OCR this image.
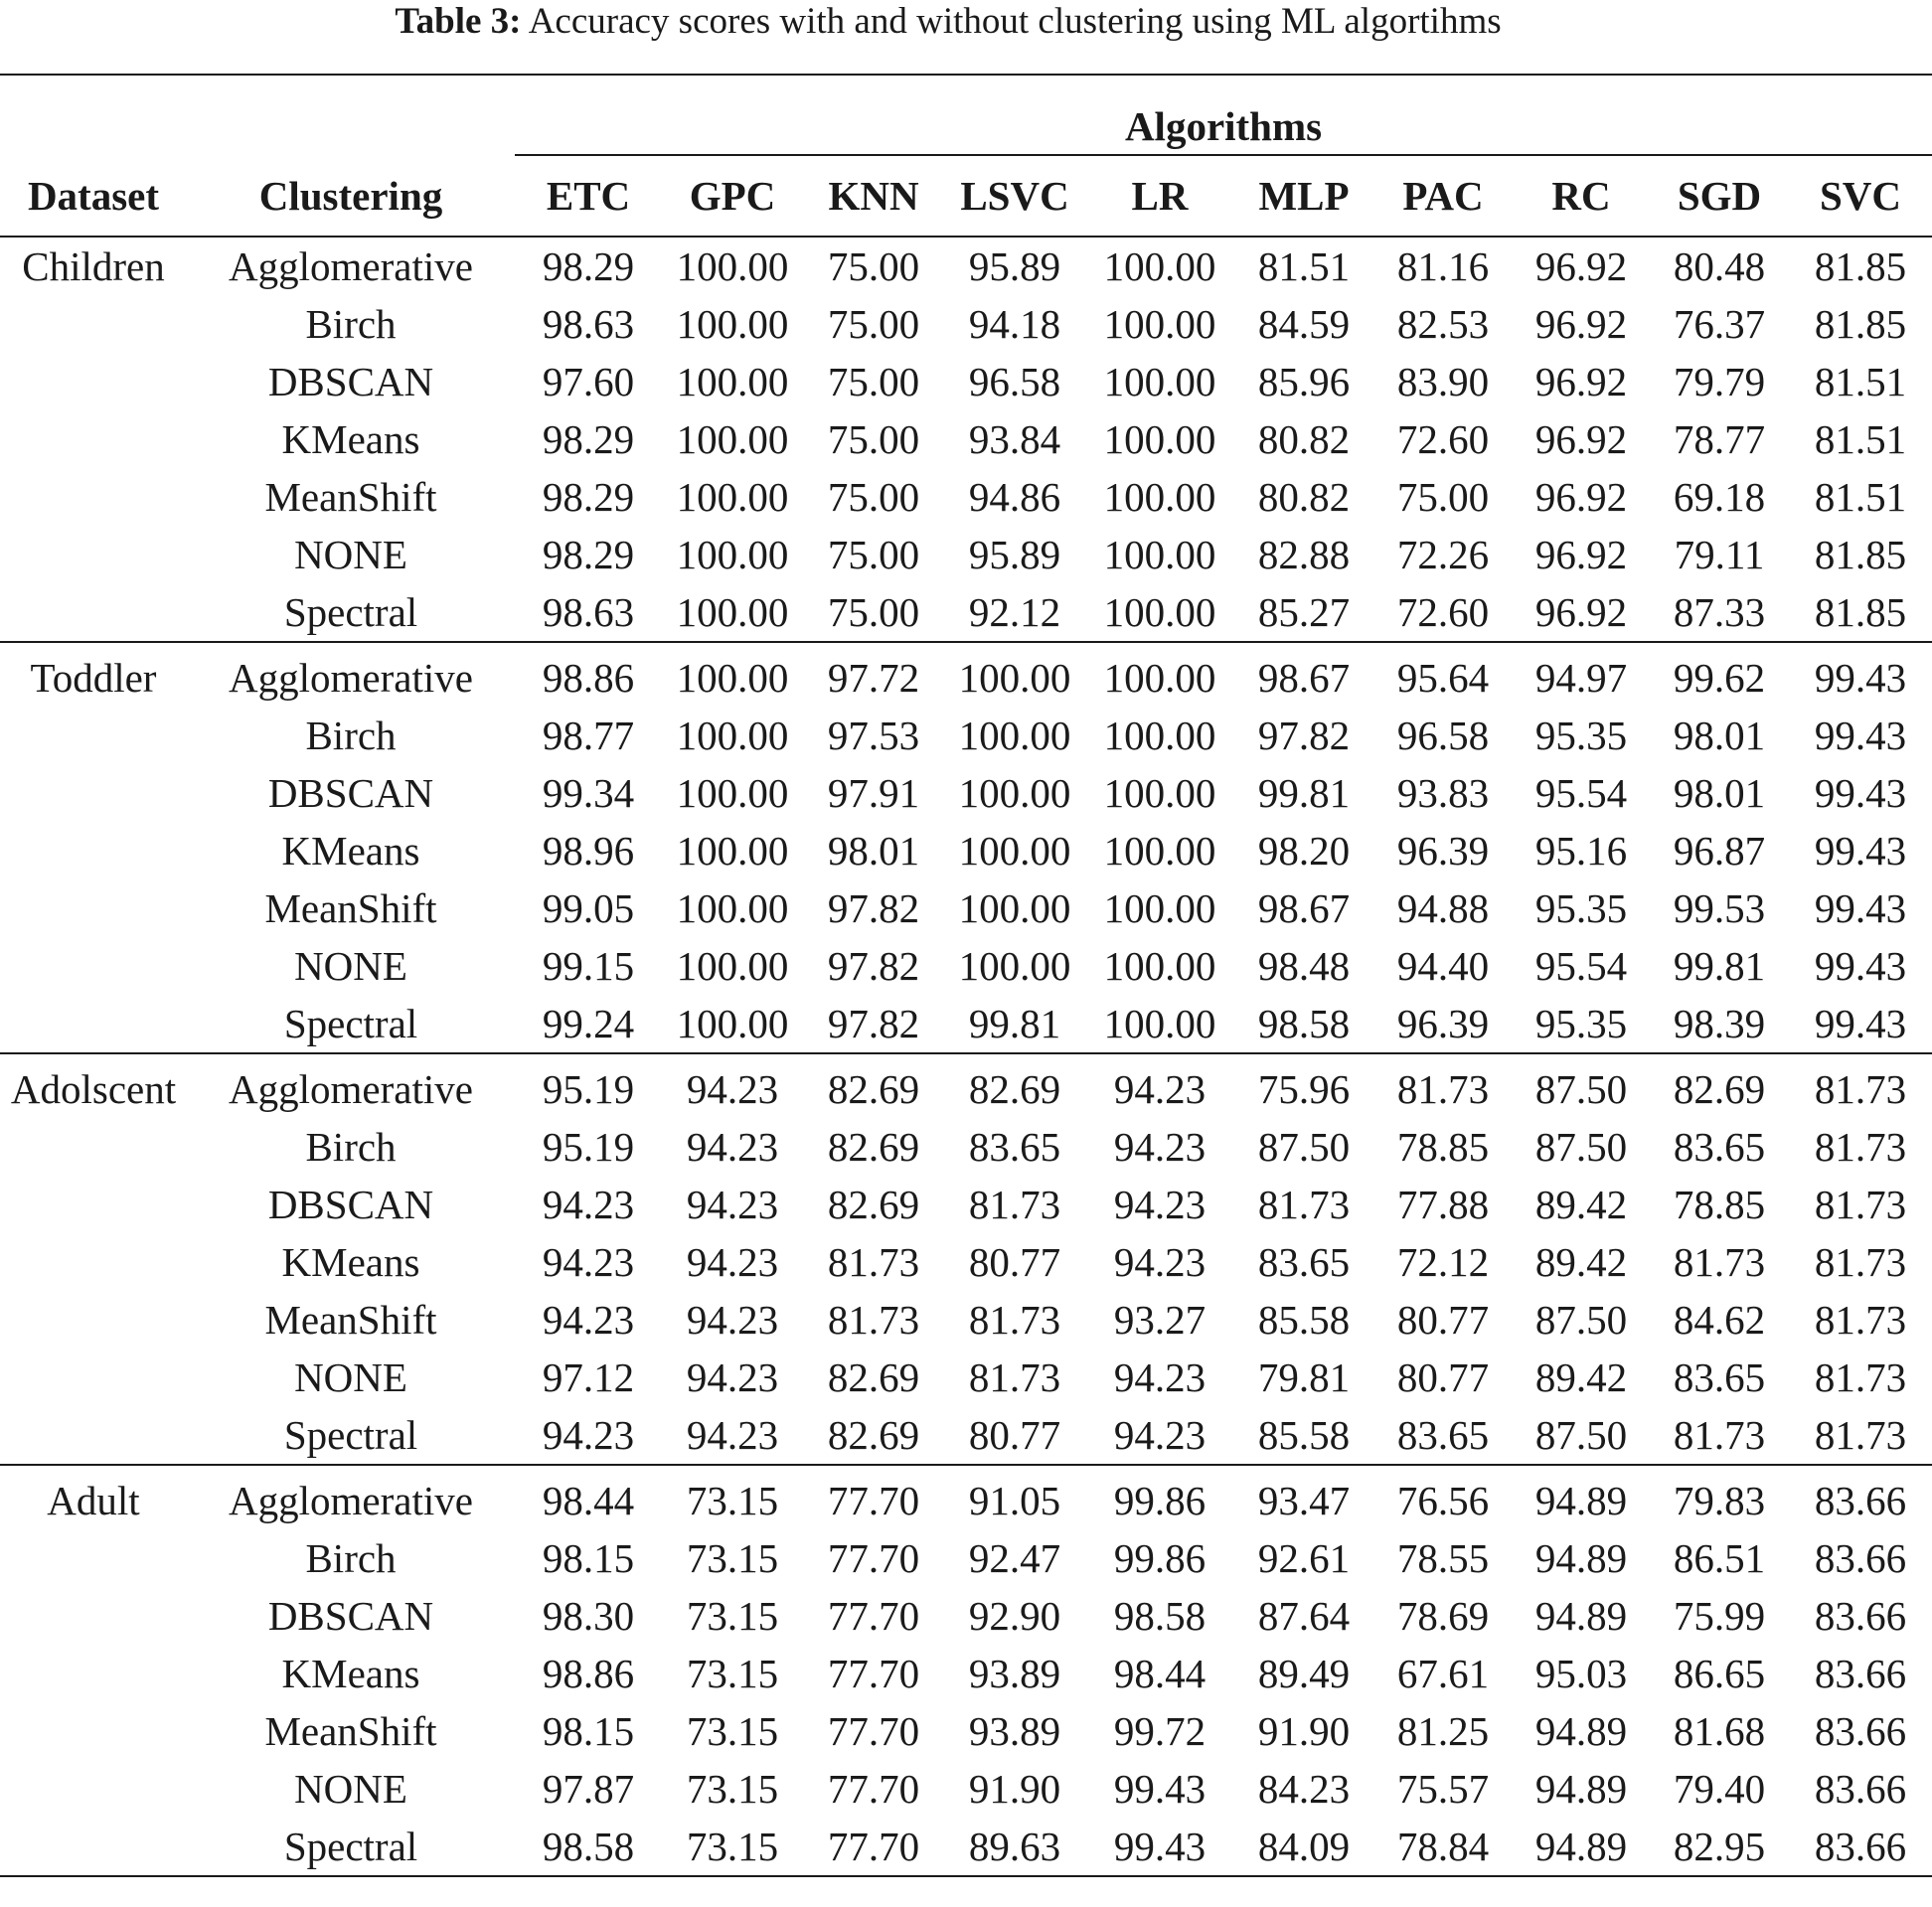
Table 3: Accuracy scores with and without clustering using ML algortihms
		Algorithms									
Dataset	Clustering	ETC	GPC	KNN	LSVC	LR	MLP	PAC	RC	SGD	SVC
Children	Agglomerative	98.29	100.00	75.00	95.89	100.00	81.51	81.16	96.92	80.48	81.85
	Birch	98.63	100.00	75.00	94.18	100.00	84.59	82.53	96.92	76.37	81.85
	DBSCAN	97.60	100.00	75.00	96.58	100.00	85.96	83.90	96.92	79.79	81.51
	KMeans	98.29	100.00	75.00	93.84	100.00	80.82	72.60	96.92	78.77	81.51
	MeanShift	98.29	100.00	75.00	94.86	100.00	80.82	75.00	96.92	69.18	81.51
	NONE	98.29	100.00	75.00	95.89	100.00	82.88	72.26	96.92	79.11	81.85
	Spectral	98.63	100.00	75.00	92.12	100.00	85.27	72.60	96.92	87.33	81.85
Toddler	Agglomerative	98.86	100.00	97.72	100.00	100.00	98.67	95.64	94.97	99.62	99.43
	Birch	98.77	100.00	97.53	100.00	100.00	97.82	96.58	95.35	98.01	99.43
	DBSCAN	99.34	100.00	97.91	100.00	100.00	99.81	93.83	95.54	98.01	99.43
	KMeans	98.96	100.00	98.01	100.00	100.00	98.20	96.39	95.16	96.87	99.43
	MeanShift	99.05	100.00	97.82	100.00	100.00	98.67	94.88	95.35	99.53	99.43
	NONE	99.15	100.00	97.82	100.00	100.00	98.48	94.40	95.54	99.81	99.43
	Spectral	99.24	100.00	97.82	99.81	100.00	98.58	96.39	95.35	98.39	99.43
Adolscent	Agglomerative	95.19	94.23	82.69	82.69	94.23	75.96	81.73	87.50	82.69	81.73
	Birch	95.19	94.23	82.69	83.65	94.23	87.50	78.85	87.50	83.65	81.73
	DBSCAN	94.23	94.23	82.69	81.73	94.23	81.73	77.88	89.42	78.85	81.73
	KMeans	94.23	94.23	81.73	80.77	94.23	83.65	72.12	89.42	81.73	81.73
	MeanShift	94.23	94.23	81.73	81.73	93.27	85.58	80.77	87.50	84.62	81.73
	NONE	97.12	94.23	82.69	81.73	94.23	79.81	80.77	89.42	83.65	81.73
	Spectral	94.23	94.23	82.69	80.77	94.23	85.58	83.65	87.50	81.73	81.73
Adult	Agglomerative	98.44	73.15	77.70	91.05	99.86	93.47	76.56	94.89	79.83	83.66
	Birch	98.15	73.15	77.70	92.47	99.86	92.61	78.55	94.89	86.51	83.66
	DBSCAN	98.30	73.15	77.70	92.90	98.58	87.64	78.69	94.89	75.99	83.66
	KMeans	98.86	73.15	77.70	93.89	98.44	89.49	67.61	95.03	86.65	83.66
	MeanShift	98.15	73.15	77.70	93.89	99.72	91.90	81.25	94.89	81.68	83.66
	NONE	97.87	73.15	77.70	91.90	99.43	84.23	75.57	94.89	79.40	83.66
	Spectral	98.58	73.15	77.70	89.63	99.43	84.09	78.84	94.89	82.95	83.66
